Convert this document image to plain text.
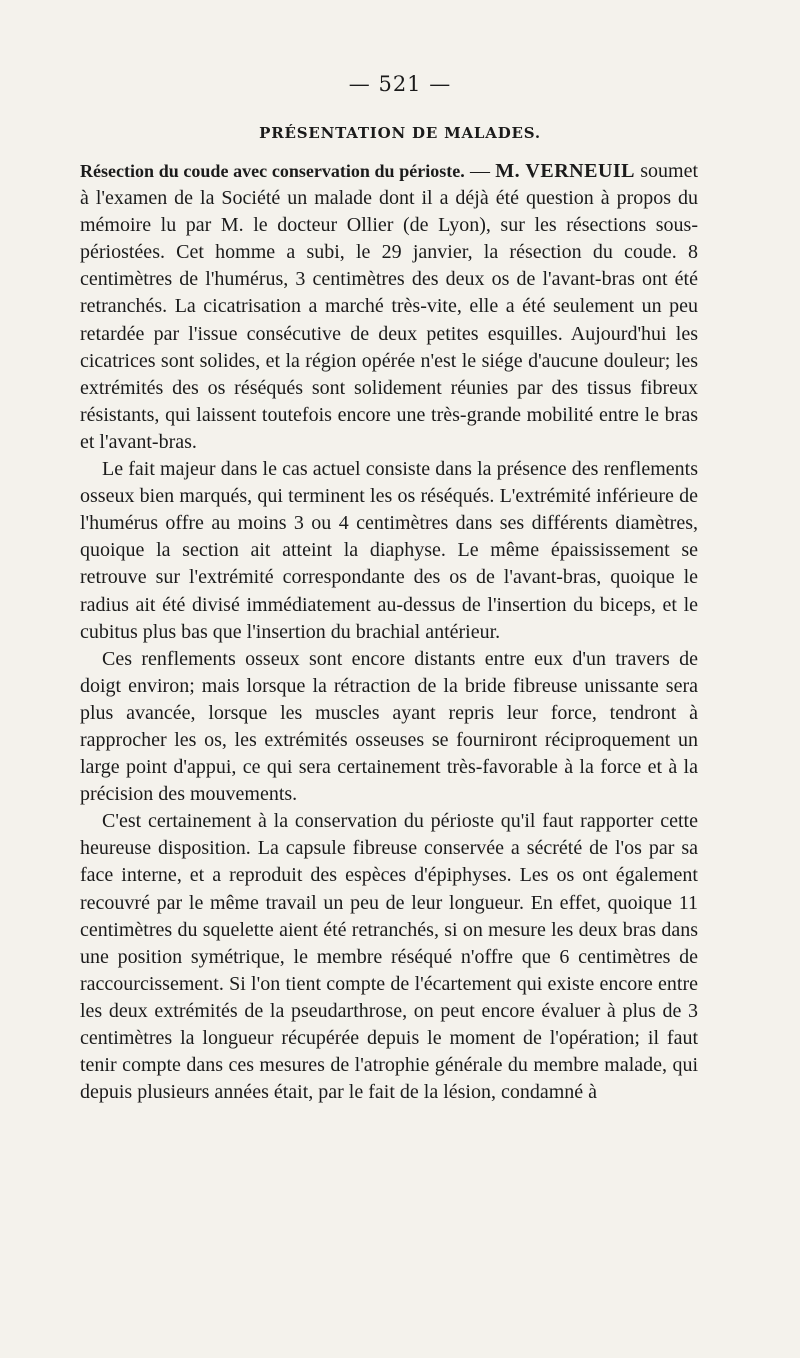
— 521 —
PRÉSENTATION DE MALADES.

Résection du coude avec conservation du périoste. — M. VERNEUIL soumet à l'examen de la Société un malade dont il a déjà été question à propos du mémoire lu par M. le docteur Ollier (de Lyon), sur les résections sous-périostées. Cet homme a subi, le 29 janvier, la résection du coude. 8 centimètres de l'humérus, 3 centimètres des deux os de l'avant-bras ont été retranchés. La cicatrisation a marché très-vite, elle a été seulement un peu retardée par l'issue consécutive de deux petites esquilles. Aujourd'hui les cicatrices sont solides, et la région opérée n'est le siége d'aucune douleur; les extrémités des os réséqués sont solidement réunies par des tissus fibreux résistants, qui laissent toutefois encore une très-grande mobilité entre le bras et l'avant-bras.

Le fait majeur dans le cas actuel consiste dans la présence des renflements osseux bien marqués, qui terminent les os réséqués. L'extrémité inférieure de l'humérus offre au moins 3 ou 4 centimètres dans ses différents diamètres, quoique la section ait atteint la diaphyse. Le même épaississement se retrouve sur l'extrémité correspondante des os de l'avant-bras, quoique le radius ait été divisé immédiatement au-dessus de l'insertion du biceps, et le cubitus plus bas que l'insertion du brachial antérieur.

Ces renflements osseux sont encore distants entre eux d'un travers de doigt environ; mais lorsque la rétraction de la bride fibreuse unissante sera plus avancée, lorsque les muscles ayant repris leur force, tendront à rapprocher les os, les extrémités osseuses se fourniront réciproquement un large point d'appui, ce qui sera certainement très-favorable à la force et à la précision des mouvements.

C'est certainement à la conservation du périoste qu'il faut rapporter cette heureuse disposition. La capsule fibreuse conservée a sécrété de l'os par sa face interne, et a reproduit des espèces d'épiphyses. Les os ont également recouvré par le même travail un peu de leur longueur. En effet, quoique 11 centimètres du squelette aient été retranchés, si on mesure les deux bras dans une position symétrique, le membre réséqué n'offre que 6 centimètres de raccourcissement. Si l'on tient compte de l'écartement qui existe encore entre les deux extrémités de la pseudarthrose, on peut encore évaluer à plus de 3 centimètres la longueur récupérée depuis le moment de l'opération; il faut tenir compte dans ces mesures de l'atrophie générale du membre malade, qui depuis plusieurs années était, par le fait de la lésion, condamné à
